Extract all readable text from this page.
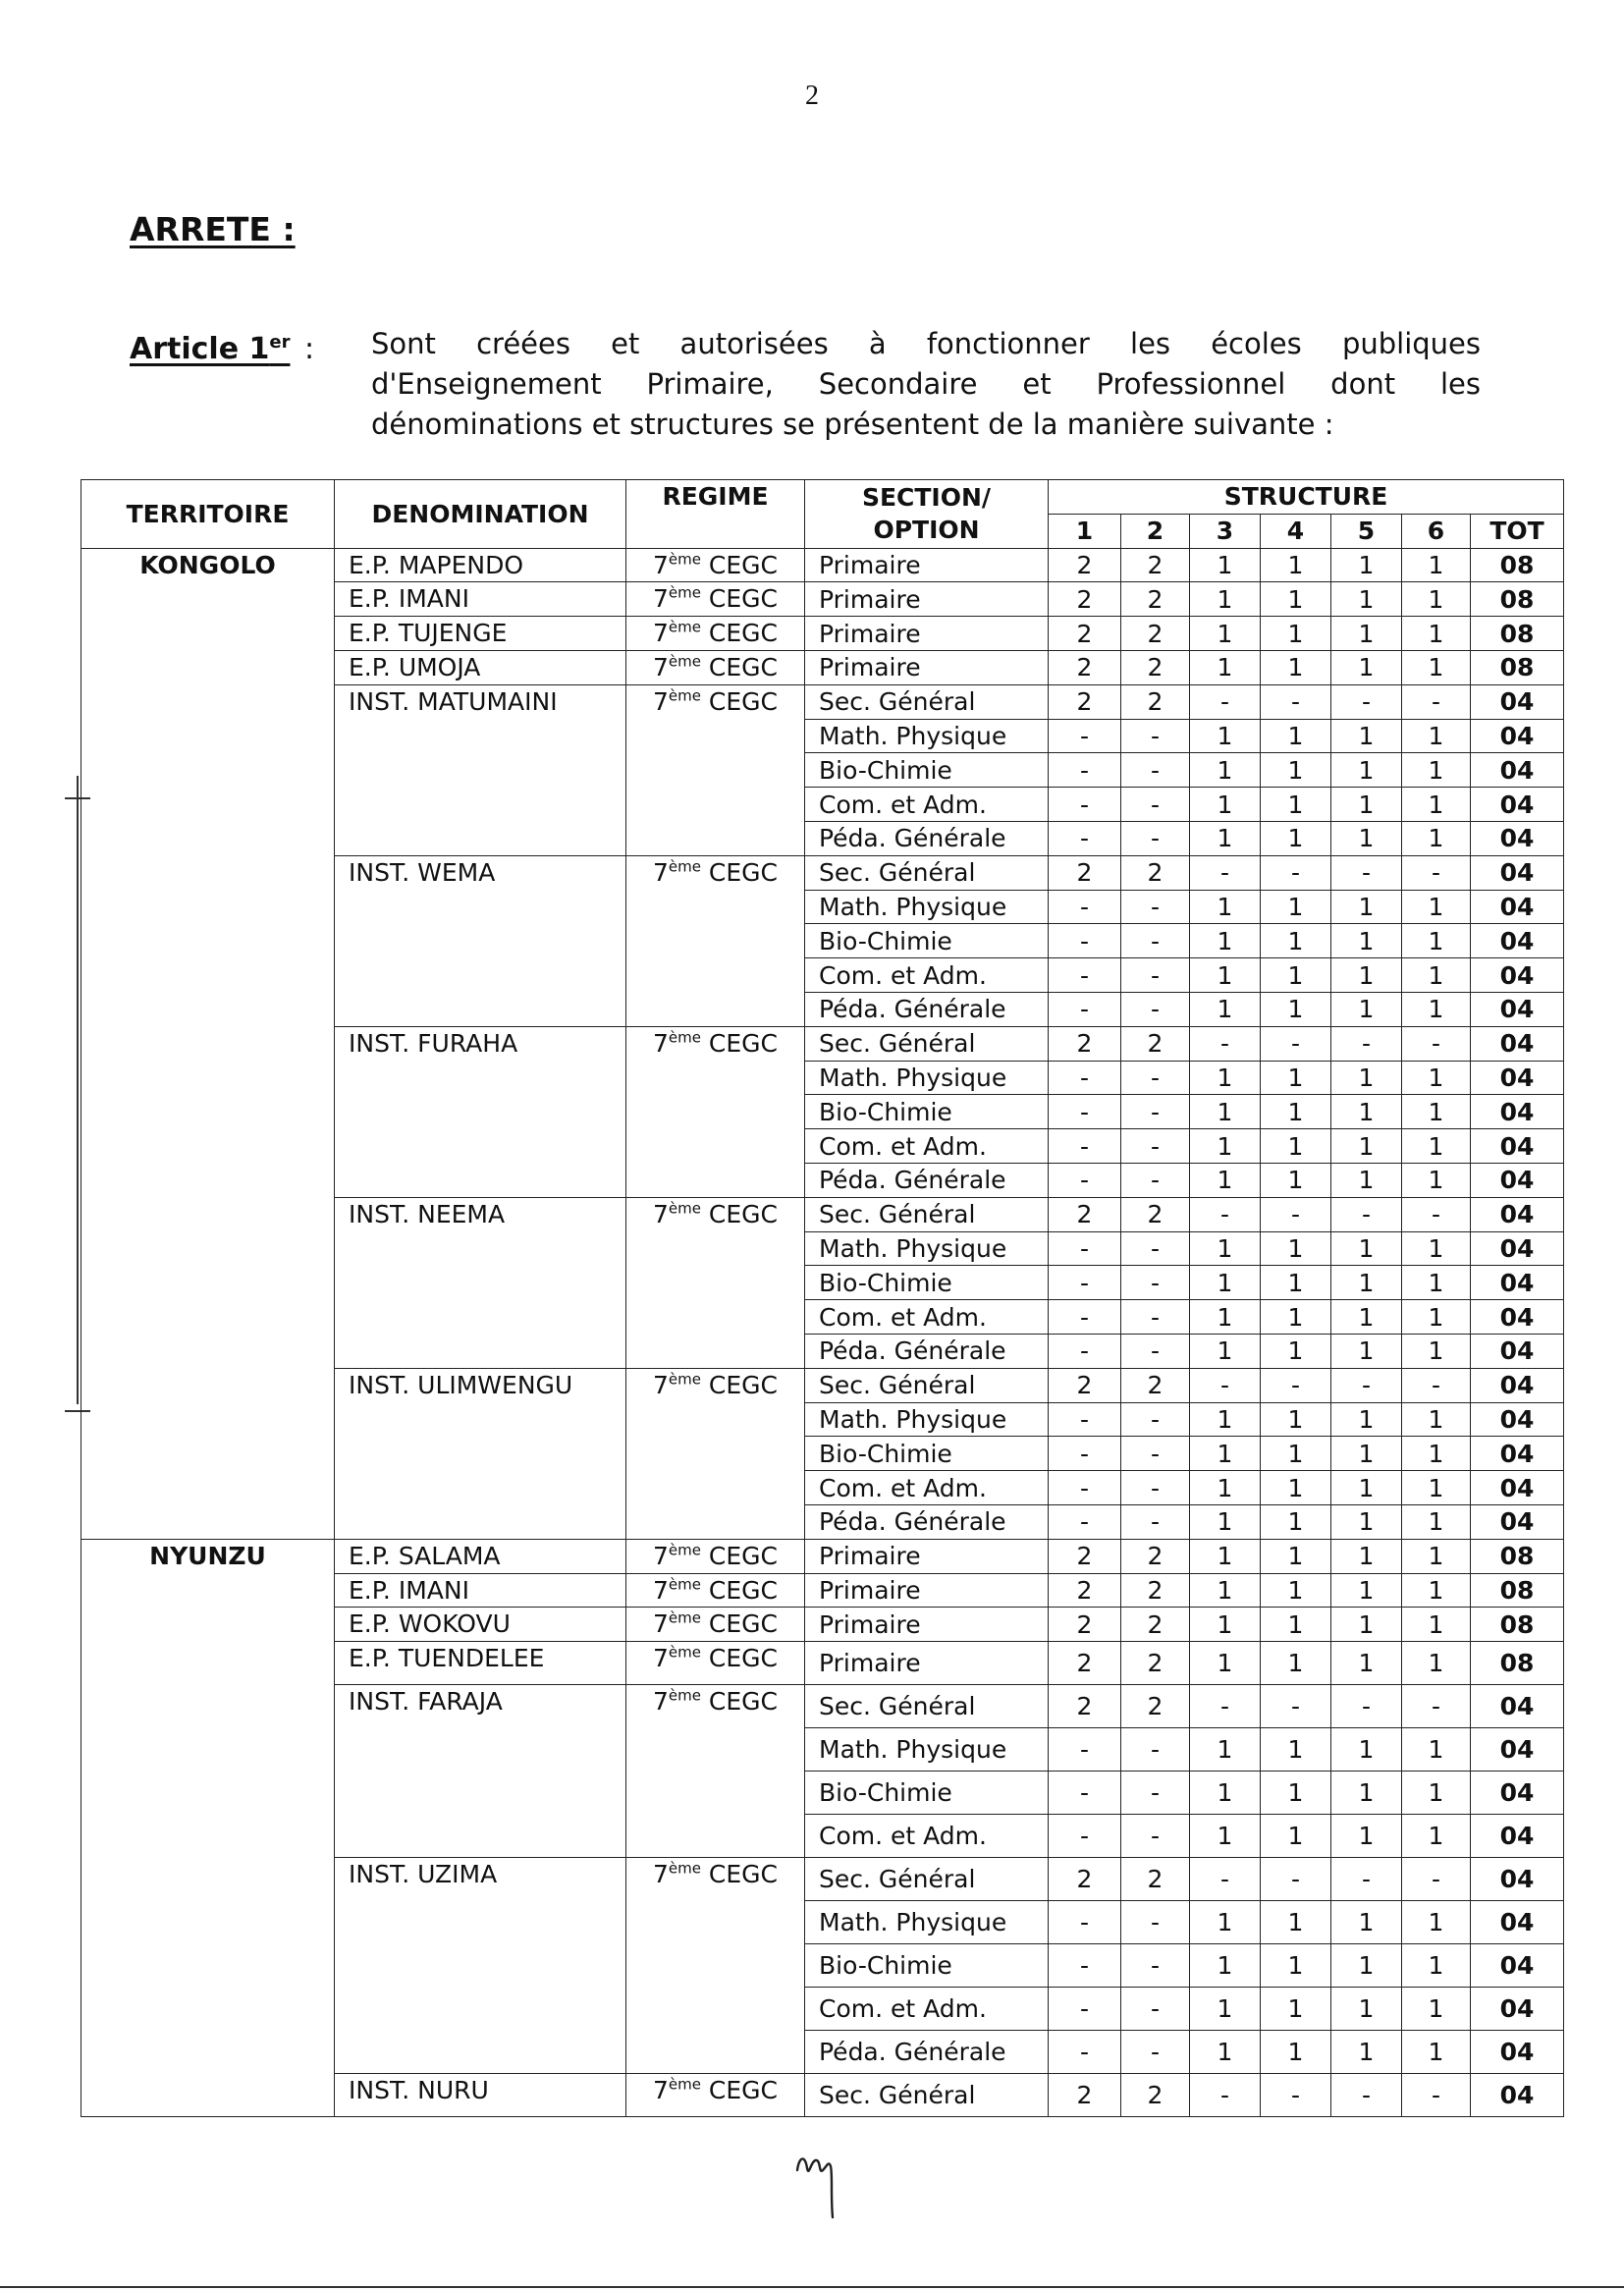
2
ARRETE :
Article 1er : Sont créées et autorisées à fonctionner les écoles publiques
d'Enseignement Primaire, Secondaire et Professionnel dont les
dénominations et structures se présentent de la manière suivante :
TERRITOIRE	DENOMINATION	REGIME	SECTION/
OPTION	STRUCTURE						
				1	2	3	4	5	6	TOT
KONGOLO	E.P. MAPENDO	7ème CEGC	Primaire	2	2	1	1	1	1	08
	E.P. IMANI	7ème CEGC	Primaire	2	2	1	1	1	1	08
	E.P. TUJENGE	7ème CEGC	Primaire	2	2	1	1	1	1	08
	E.P. UMOJA	7ème CEGC	Primaire	2	2	1	1	1	1	08
	INST. MATUMAINI	7ème CEGC	Sec. Général	2	2	-	-	-	-	04
			Math. Physique	-	-	1	1	1	1	04
			Bio-Chimie	-	-	1	1	1	1	04
			Com. et Adm.	-	-	1	1	1	1	04
			Péda. Générale	-	-	1	1	1	1	04
	INST. WEMA	7ème CEGC	Sec. Général	2	2	-	-	-	-	04
			Math. Physique	-	-	1	1	1	1	04
			Bio-Chimie	-	-	1	1	1	1	04
			Com. et Adm.	-	-	1	1	1	1	04
			Péda. Générale	-	-	1	1	1	1	04
	INST. FURAHA	7ème CEGC	Sec. Général	2	2	-	-	-	-	04
			Math. Physique	-	-	1	1	1	1	04
			Bio-Chimie	-	-	1	1	1	1	04
			Com. et Adm.	-	-	1	1	1	1	04
			Péda. Générale	-	-	1	1	1	1	04
	INST. NEEMA	7ème CEGC	Sec. Général	2	2	-	-	-	-	04
			Math. Physique	-	-	1	1	1	1	04
			Bio-Chimie	-	-	1	1	1	1	04
			Com. et Adm.	-	-	1	1	1	1	04
			Péda. Générale	-	-	1	1	1	1	04
	INST. ULIMWENGU	7ème CEGC	Sec. Général	2	2	-	-	-	-	04
			Math. Physique	-	-	1	1	1	1	04
			Bio-Chimie	-	-	1	1	1	1	04
			Com. et Adm.	-	-	1	1	1	1	04
			Péda. Générale	-	-	1	1	1	1	04
NYUNZU	E.P. SALAMA	7ème CEGC	Primaire	2	2	1	1	1	1	08
	E.P. IMANI	7ème CEGC	Primaire	2	2	1	1	1	1	08
	E.P. WOKOVU	7ème CEGC	Primaire	2	2	1	1	1	1	08
	E.P. TUENDELEE	7ème CEGC	Primaire	2	2	1	1	1	1	08
	INST. FARAJA	7ème CEGC	Sec. Général	2	2	-	-	-	-	04
			Math. Physique	-	-	1	1	1	1	04
			Bio-Chimie	-	-	1	1	1	1	04
			Com. et Adm.	-	-	1	1	1	1	04
	INST. UZIMA	7ème CEGC	Sec. Général	2	2	-	-	-	-	04
			Math. Physique	-	-	1	1	1	1	04
			Bio-Chimie	-	-	1	1	1	1	04
			Com. et Adm.	-	-	1	1	1	1	04
			Péda. Générale	-	-	1	1	1	1	04
	INST. NURU	7ème CEGC	Sec. Général	2	2	-	-	-	-	04
